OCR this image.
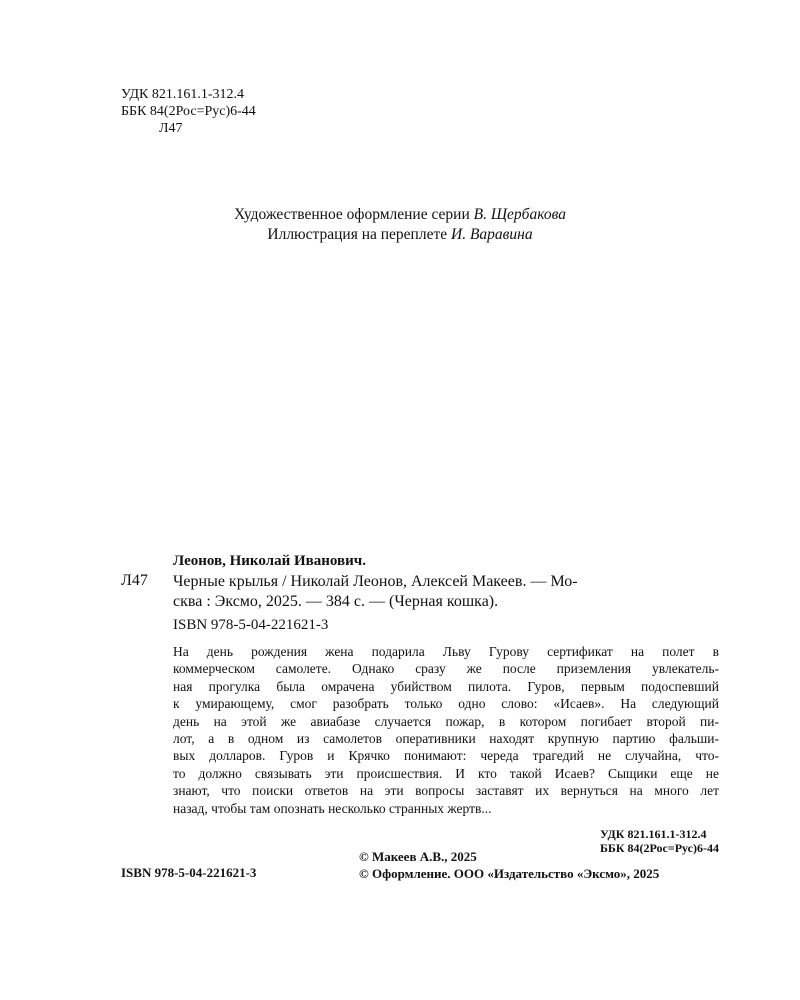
УДК 821.161.1-312.4
ББК 84(2Рос=Рус)6-44
Л47
Художественное оформление серии В. Щербакова
Иллюстрация на переплете И. Варавина
Леонов, Николай Иванович.
Л47 Черные крылья / Николай Леонов, Алексей Макеев. — Мо-
сква : Эксмо, 2025. — 384 с. — (Черная кошка).
ISBN 978-5-04-221621-3
На день рождения жена подарила Льву Гурову сертификат на полет в
коммерческом самолете. Однако сразу же после приземления увлекатель-
ная прогулка была омрачена убийством пилота. Гуров, первым подоспевший
к умирающему, смог разобрать только одно слово: «Исаев». На следующий
день на этой же авиабазе случается пожар, в котором погибает второй пи-
лот, а в одном из самолетов оперативники находят крупную партию фальши-
вых долларов. Гуров и Крячко понимают: череда трагедий не случайна, что-
то должно связывать эти происшествия. И кто такой Исаев? Сыщики еще не
знают, что поиски ответов на эти вопросы заставят их вернуться на много лет
назад, чтобы там опознать несколько странных жертв...
УДК 821.161.1-312.4
ББК 84(2Рос=Рус)6-44
© Макеев А.В., 2025
© Оформление. ООО «Издательство «Эксмо», 2025
ISBN 978-5-04-221621-3
